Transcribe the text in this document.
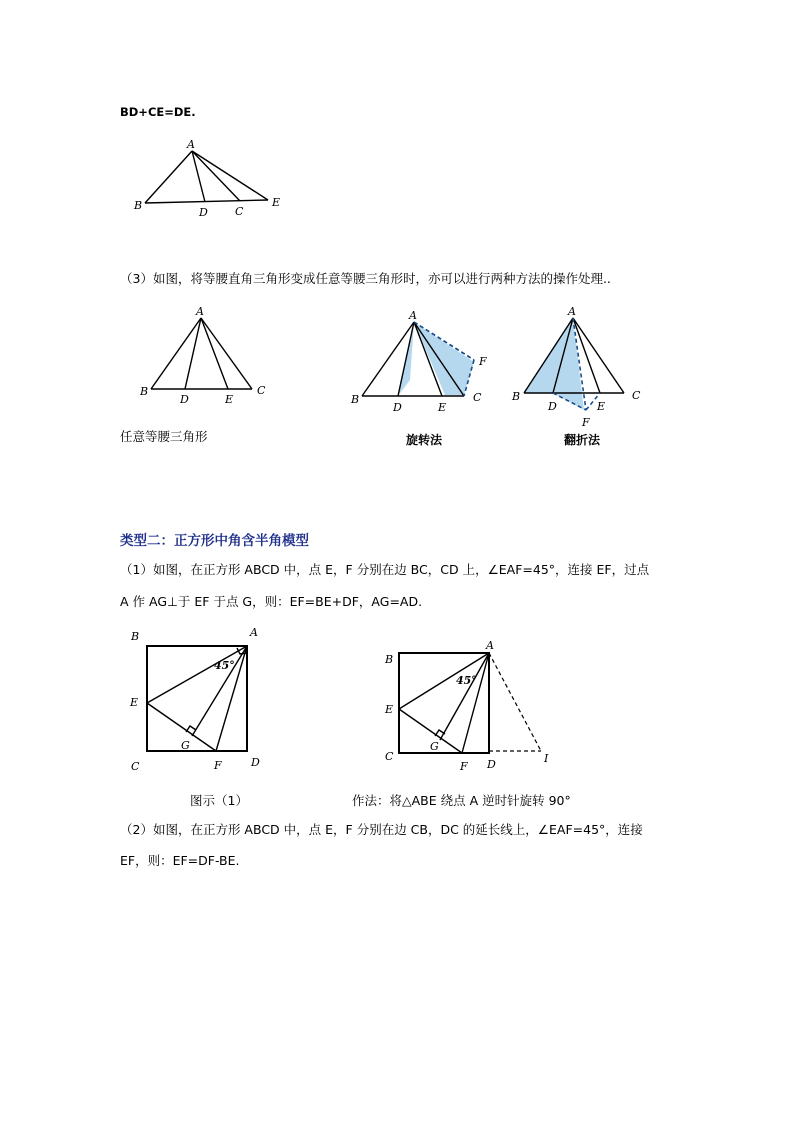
BD+CE=DE.
A
B
D C
E
（3）如图，将等腰直角三角形变成任意等腰三角形时，亦可以进行两种方法的操作处理..
A
B
D	E
C
A
B
D	E
C
F
A
B
D	E
C
F
任意等腰三角形	旋转法	翻折法
类型二：正方形中角含半角模型
（1）如图，在正方形 ABCD 中，点 E，F 分别在边 BC，CD 上，∠EAF=45°，连接 EF，过点
A 作 AG⊥于 EF 于点 G，则：EF=BE+DF，AG=AD.
B	A
45°
E
G
C	F	D
B
A
45°
E
G
C
F D	I
图示（1）	作法：将△ABE 绕点 A 逆时针旋转 90°
（2）如图，在正方形 ABCD 中，点 E，F 分别在边 CB，DC 的延长线上，∠EAF=45°，连接
EF，则：EF=DF-BE.
